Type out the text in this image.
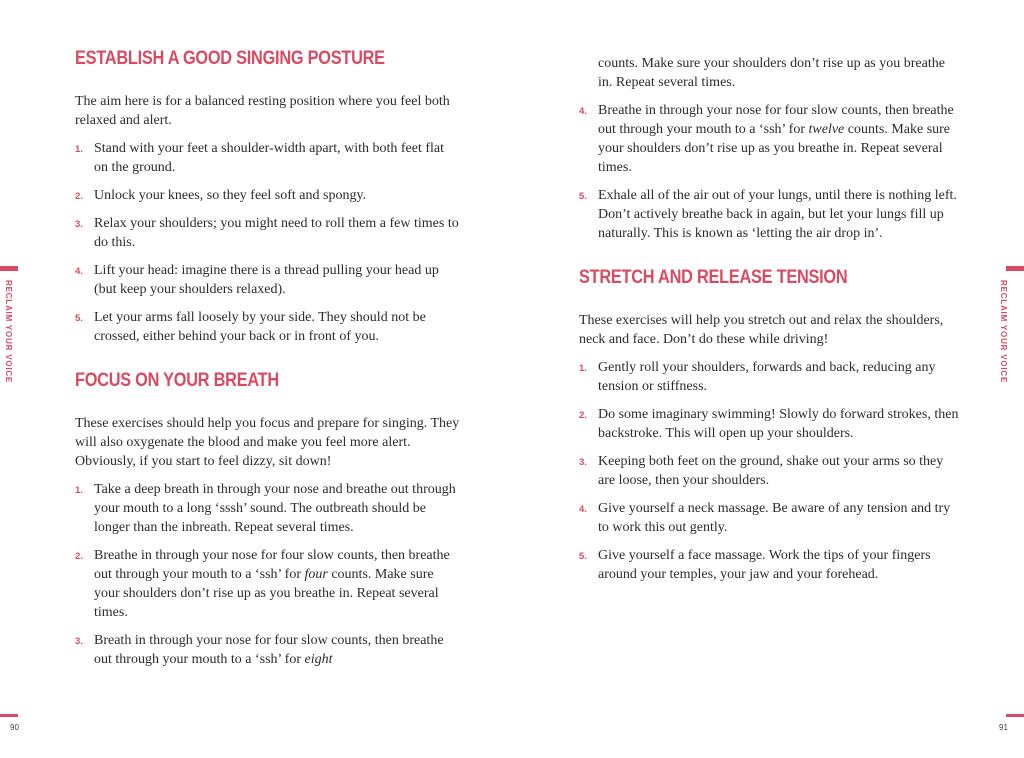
RECLAIM YOUR VOICE
ESTABLISH A GOOD SINGING POSTURE

The aim here is for a balanced resting position where you feel both relaxed and alert.

1. Stand with your feet a shoulder-width apart, with both feet flat on the ground.
2. Unlock your knees, so they feel soft and spongy.
3. Relax your shoulders; you might need to roll them a few times to do this.
4. Lift your head: imagine there is a thread pulling your head up (but keep your shoulders relaxed).
5. Let your arms fall loosely by your side. They should not be crossed, either behind your back or in front of you.
FOCUS ON YOUR BREATH

These exercises should help you focus and prepare for singing. They will also oxygenate the blood and make you feel more alert. Obviously, if you start to feel dizzy, sit down!

1. Take a deep breath in through your nose and breathe out through your mouth to a long ‘sssh’ sound. The outbreath should be longer than the inbreath. Repeat several times.
2. Breathe in through your nose for four slow counts, then breathe out through your mouth to a ‘ssh’ for four counts. Make sure your shoulders don’t rise up as you breathe in. Repeat several times.
3. Breath in through your nose for four slow counts, then breathe out through your mouth to a ‘ssh’ for eight
90
RECLAIM YOUR VOICE

counts. Make sure your shoulders don’t rise up as you breathe in. Repeat several times.

4. Breathe in through your nose for four slow counts, then breathe out through your mouth to a ‘ssh’ for twelve counts. Make sure your shoulders don’t rise up as you breathe in. Repeat several times.
5. Exhale all of the air out of your lungs, until there is nothing left. Don’t actively breathe back in again, but let your lungs fill up naturally. This is known as ‘letting the air drop in’.
STRETCH AND RELEASE TENSION

These exercises will help you stretch out and relax the shoulders, neck and face. Don’t do these while driving!

1. Gently roll your shoulders, forwards and back, reducing any tension or stiffness.
2. Do some imaginary swimming! Slowly do forward strokes, then backstroke. This will open up your shoulders.
3. Keeping both feet on the ground, shake out your arms so they are loose, then your shoulders.
4. Give yourself a neck massage. Be aware of any tension and try to work this out gently.
5. Give yourself a face massage. Work the tips of your fingers around your temples, your jaw and your forehead.
91
